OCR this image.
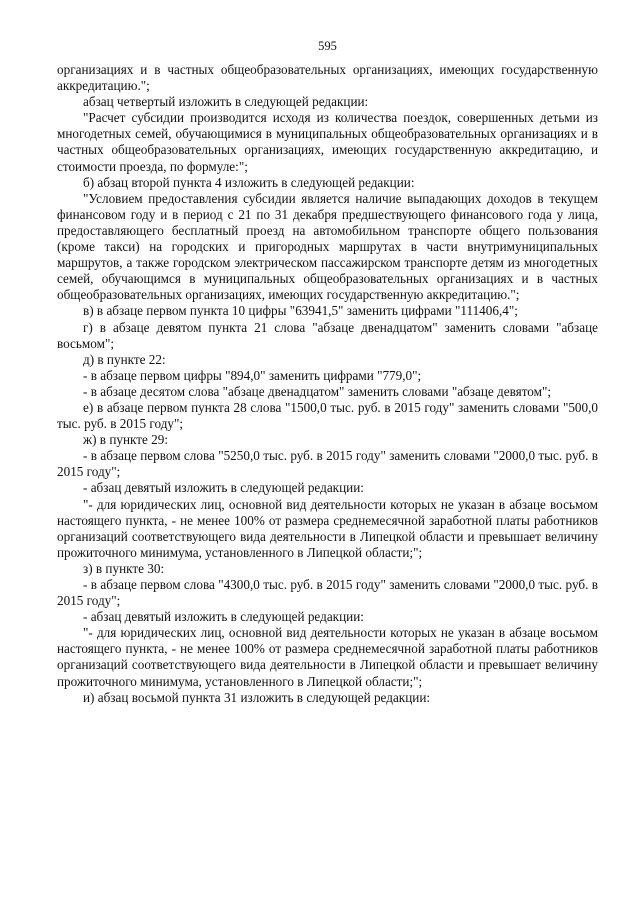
595

организациях и в частных общеобразовательных организациях, имеющих государственную аккредитацию.";

абзац четвертый изложить в следующей редакции:

"Расчет субсидии производится исходя из количества поездок, совершенных детьми из многодетных семей, обучающимися в муниципальных общеобразовательных организациях и в частных общеобразовательных организациях, имеющих государственную аккредитацию, и стоимости проезда, по формуле:";

б) абзац второй пункта 4 изложить в следующей редакции:

"Условием предоставления субсидии является наличие выпадающих доходов в текущем финансовом году и в период с 21 по 31 декабря предшествующего финансового года у лица, предоставляющего бесплатный проезд на автомобильном транспорте общего пользования (кроме такси) на городских и пригородных маршрутах в части внутримуниципальных маршрутов, а также городском электрическом пассажирском транспорте детям из многодетных семей, обучающимся в муниципальных общеобразовательных организациях и в частных общеобразовательных организациях, имеющих государственную аккредитацию.";

в) в абзаце первом пункта 10 цифры "63941,5" заменить цифрами "111406,4";

г) в абзаце девятом пункта 21 слова "абзаце двенадцатом" заменить словами "абзаце восьмом";

д) в пункте 22:

- в абзаце первом цифры "894,0" заменить цифрами "779,0";

- в абзаце десятом слова "абзаце двенадцатом" заменить словами "абзаце девятом";

е) в абзаце первом пункта 28 слова "1500,0 тыс. руб. в 2015 году" заменить словами "500,0 тыс. руб. в 2015 году";

ж) в пункте 29:

- в абзаце первом слова "5250,0 тыс. руб. в 2015 году" заменить словами "2000,0 тыс. руб. в 2015 году";

- абзац девятый изложить в следующей редакции:

"- для юридических лиц, основной вид деятельности которых не указан в абзаце восьмом настоящего пункта, - не менее 100% от размера среднемесячной заработной платы работников организаций соответствующего вида деятельности в Липецкой области и превышает величину прожиточного минимума, установленного в Липецкой области;";

з) в пункте 30:

- в абзаце первом слова "4300,0 тыс. руб. в 2015 году" заменить словами "2000,0 тыс. руб. в 2015 году";

- абзац девятый изложить в следующей редакции:

"- для юридических лиц, основной вид деятельности которых не указан в абзаце восьмом настоящего пункта, - не менее 100% от размера среднемесячной заработной платы работников организаций соответствующего вида деятельности в Липецкой области и превышает величину прожиточного минимума, установленного в Липецкой области;";

и) абзац восьмой пункта 31 изложить в следующей редакции:
